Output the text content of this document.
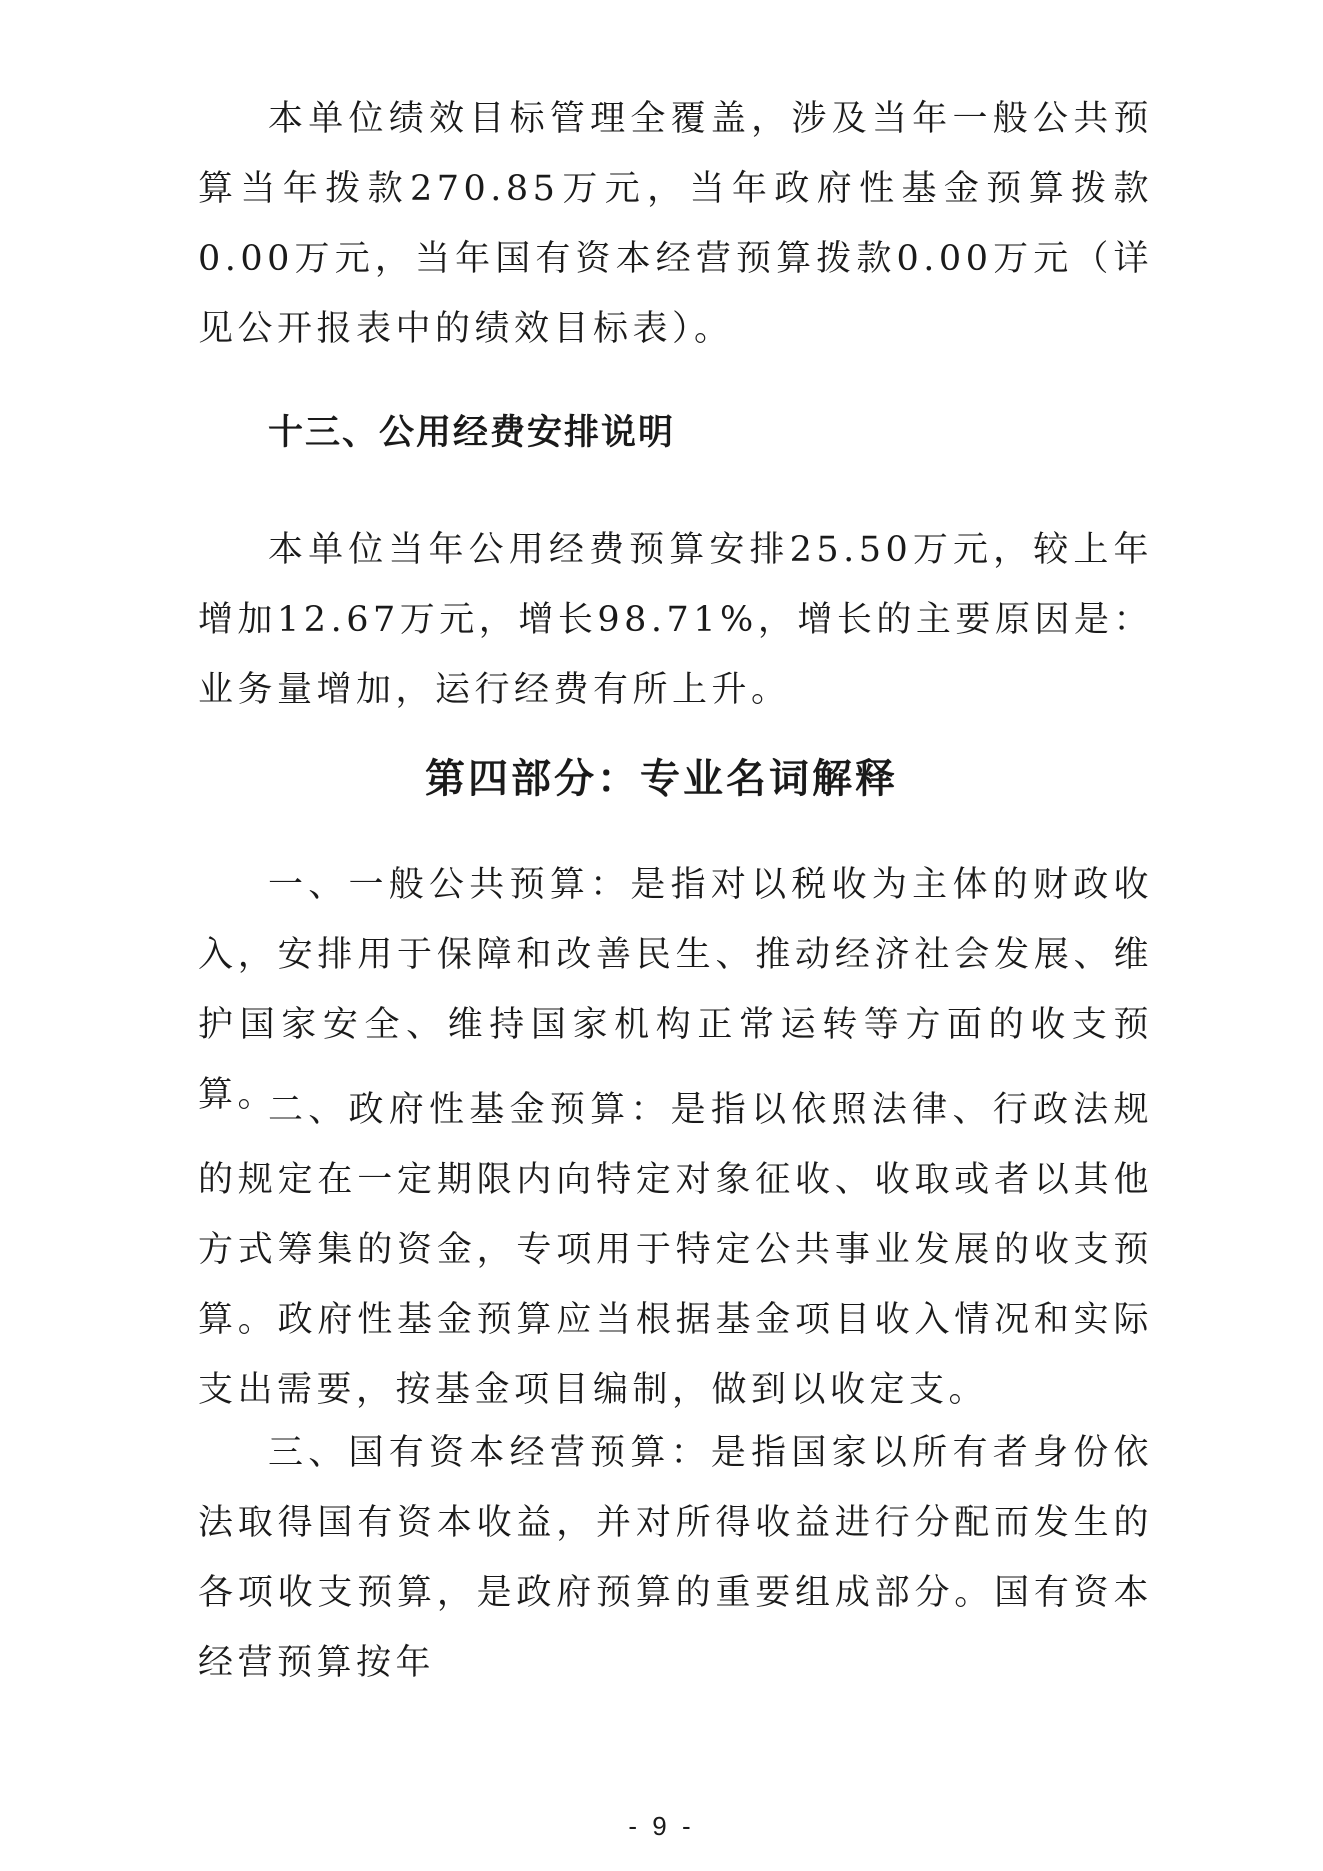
本单位绩效目标管理全覆盖，涉及当年一般公共预算当年拨款270.85万元，当年政府性基金预算拨款0.00万元，当年国有资本经营预算拨款0.00万元（详见公开报表中的绩效目标表）。

十三、公用经费安排说明

本单位当年公用经费预算安排25.50万元，较上年增加12.67万元，增长98.71%，增长的主要原因是：业务量增加，运行经费有所上升。

第四部分：专业名词解释

一、一般公共预算：是指对以税收为主体的财政收入，安排用于保障和改善民生、推动经济社会发展、维护国家安全、维持国家机构正常运转等方面的收支预算。

二、政府性基金预算：是指以依照法律、行政法规的规定在一定期限内向特定对象征收、收取或者以其他方式筹集的资金，专项用于特定公共事业发展的收支预算。政府性基金预算应当根据基金项目收入情况和实际支出需要，按基金项目编制，做到以收定支。

三、国有资本经营预算：是指国家以所有者身份依法取得国有资本收益，并对所得收益进行分配而发生的各项收支预算，是政府预算的重要组成部分。国有资本经营预算按年

- 9 -
